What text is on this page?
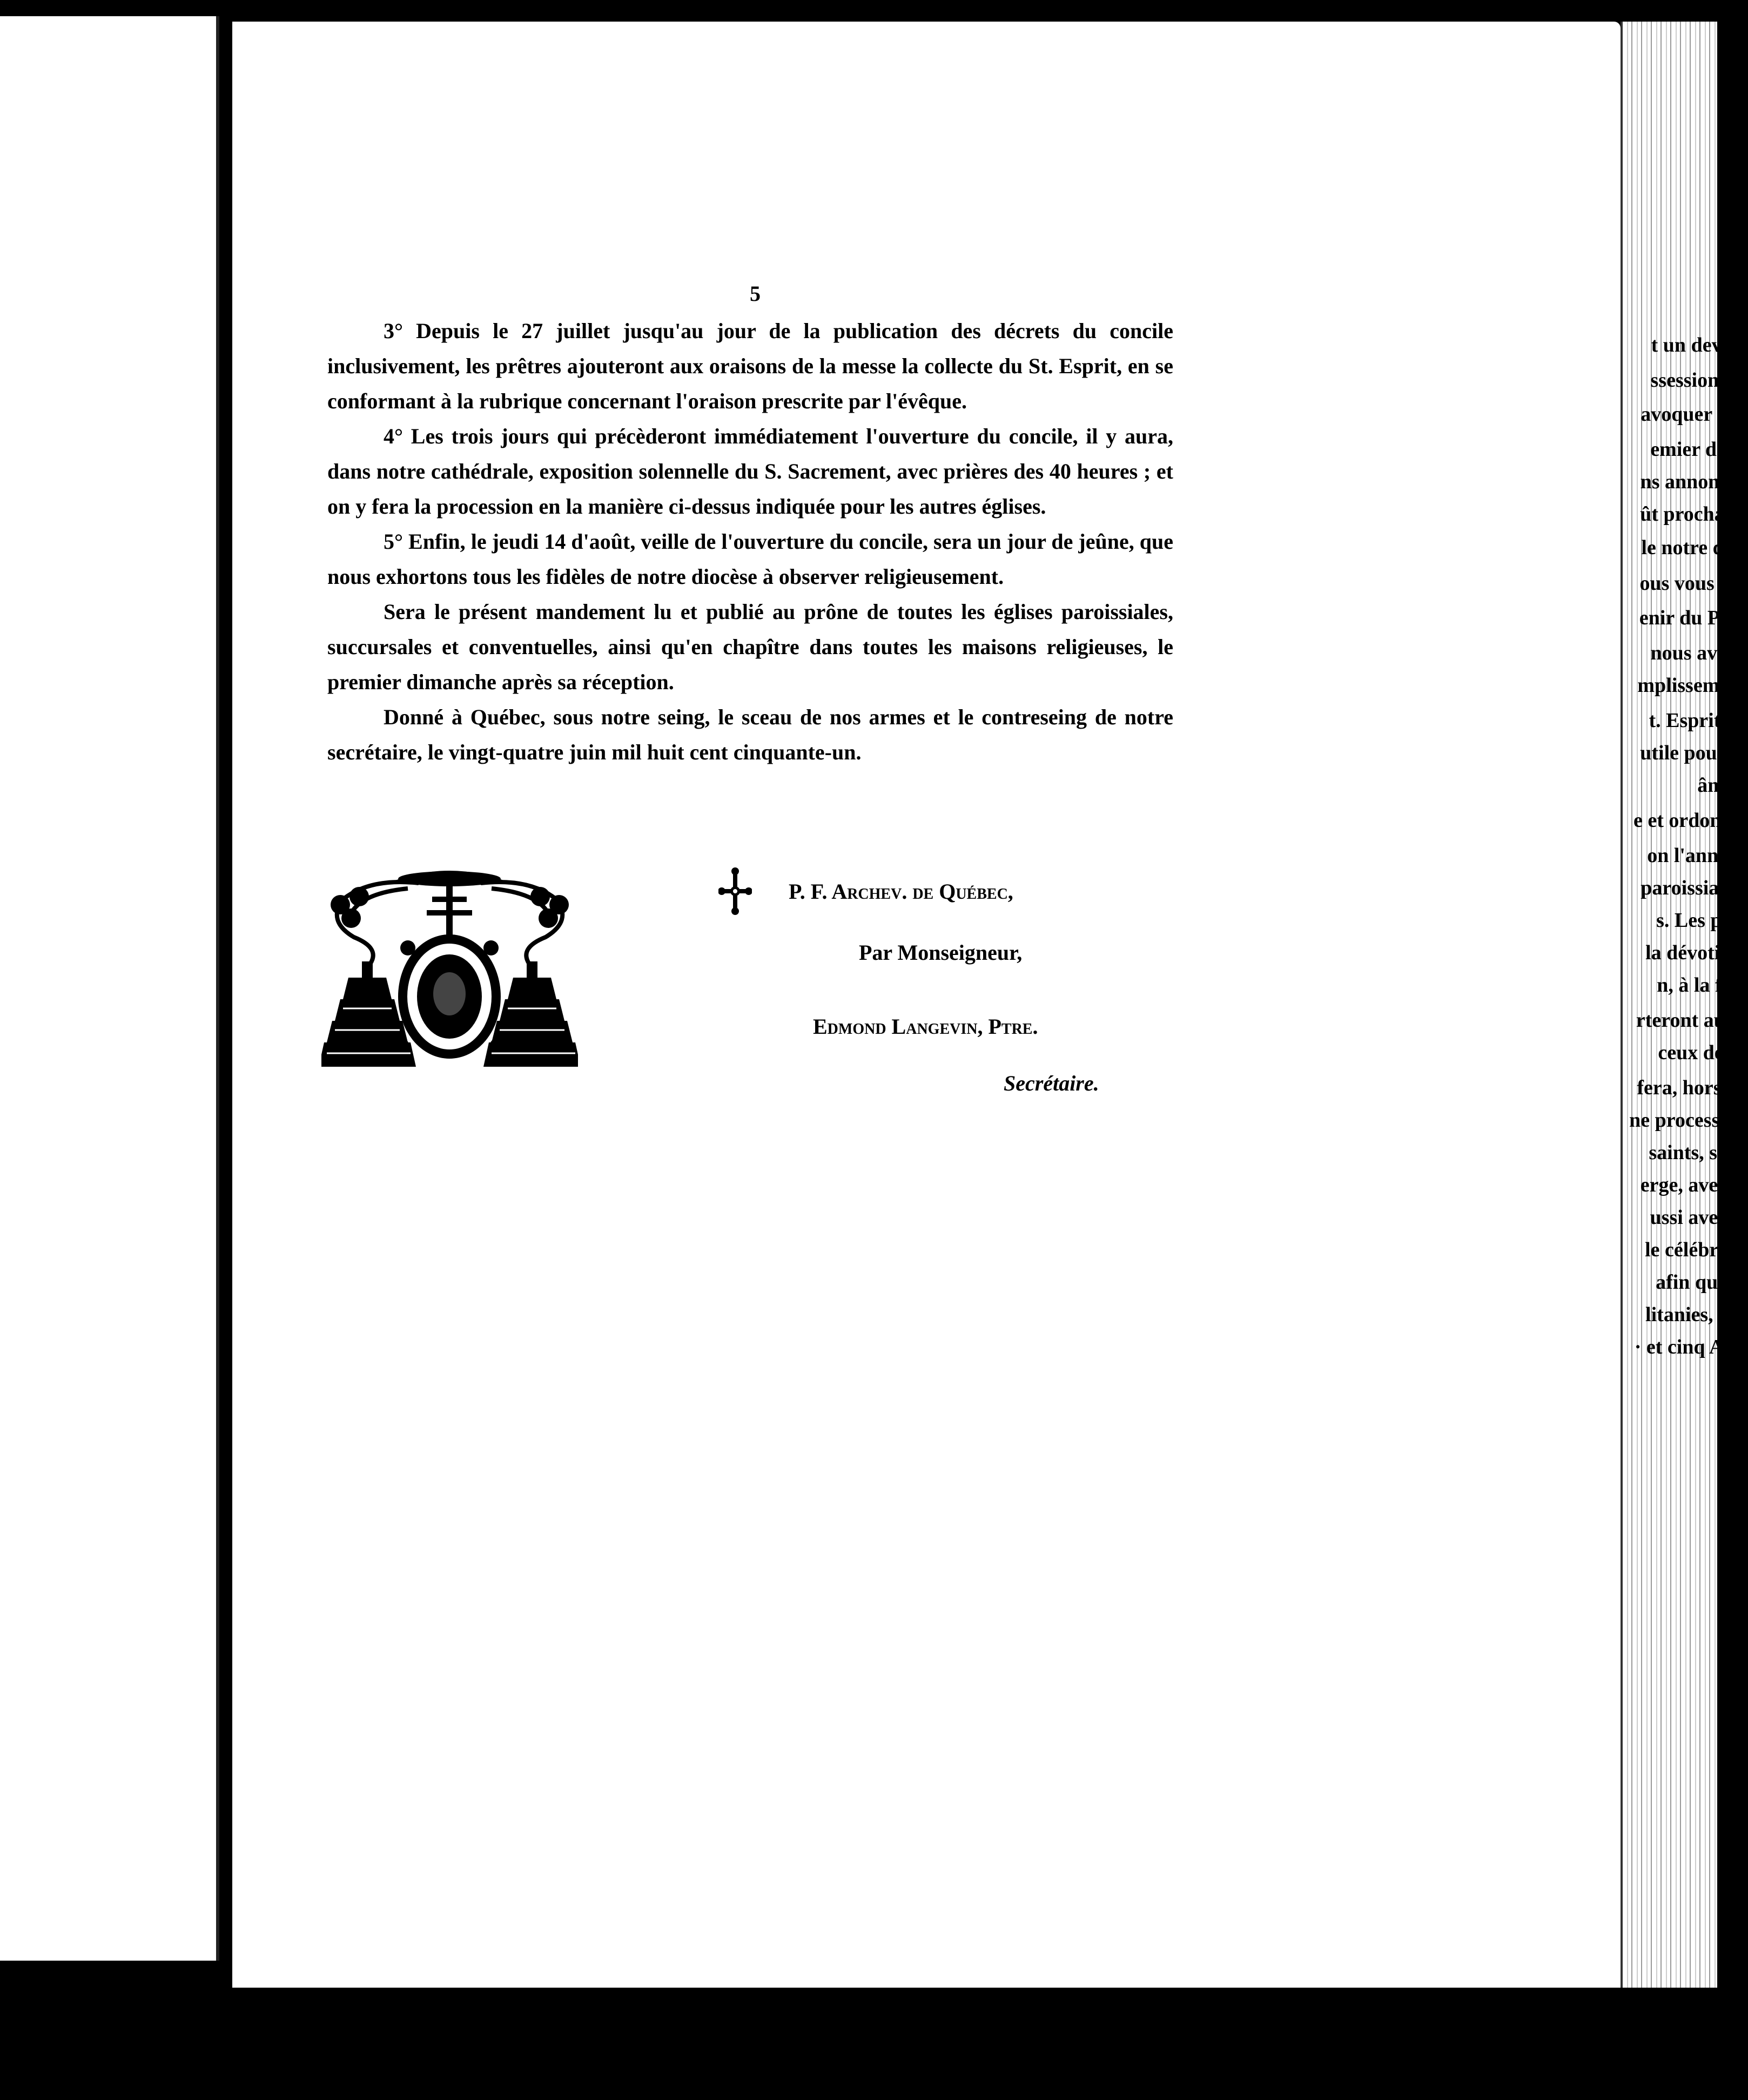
5

3° Depuis le 27 juillet jusqu'au jour de la publication des décrets du concile inclusivement, les prêtres ajouteront aux oraisons de la messe la collecte du St. Esprit, en se conformant à la rubrique concernant l'oraison prescrite par l'évêque.

4° Les trois jours qui précèderont immédiatement l'ouverture du concile, il y aura, dans notre cathédrale, exposition solennelle du S. Sacrement, avec prières des 40 heures ; et on y fera la procession en la manière ci-dessus indiquée pour les autres églises.

5° Enfin, le jeudi 14 d'août, veille de l'ouverture du concile, sera un jour de jeûne, que nous exhortons tous les fidèles de notre diocèse à observer religieusement.

Sera le présent mandement lu et publié au prône de toutes les églises paroissiales, succursales et conventuelles, ainsi qu'en chapître dans toutes les maisons religieuses, le premier dimanche après sa réception.

Donné à Québec, sous notre seing, le sceau de nos armes et le contreseing de notre secrétaire, le vingt-quatre juin mil huit cent cinquante-un.

P. F. Archev. de Québec,
Par Monseigneur,
Edmond Langevin, Ptre.
Secrétaire.
t un devoir
ssession du
avoquer nos
emier de la
ns annoncer
ût prochain,
le notre dio-
ous vous en-
enir du Père
nous avons
mplissement
t. Esprit, et
utile pour la
âmes.
e et ordonné,
on l'annon-
paroissiales,
s. Les pas-
la dévotion,
n, à la fré-
rteront aussi
ceux de ce
fera, hors de
ne procession
saints, sans
erge, avec le
ussi avec le
le célébrant
afin que le
litanies, qui
· et cinq Ave.
